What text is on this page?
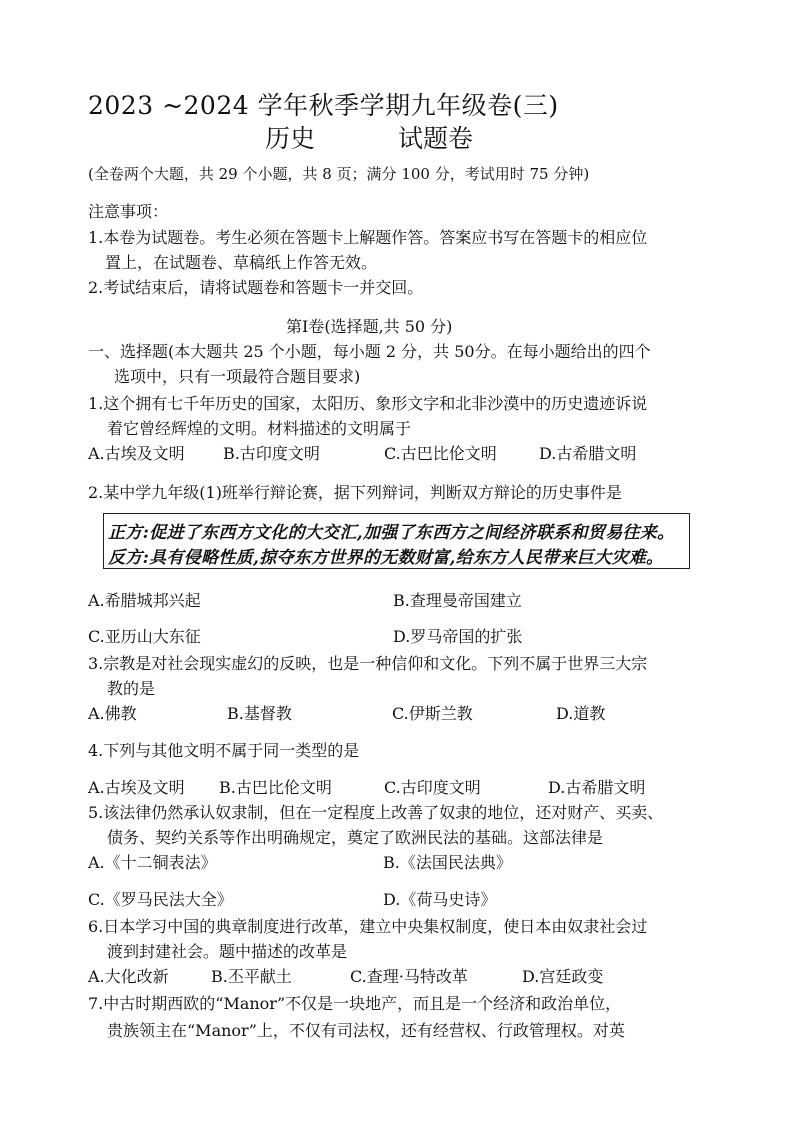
2023 ~2024 学年秋季学期九年级卷(三)
历史	试题卷
(全卷两个大题，共 29 个小题，共 8 页；满分 100 分，考试用时 75 分钟)
注意事项：
1.本卷为试题卷。考生必须在答题卡上解题作答。答案应书写在答题卡的相应位
置上，在试题卷、草稿纸上作答无效。
2.考试结束后，请将试题卷和答题卡一并交回。
第Ⅰ卷(选择题,共 50 分)
一、选择题(本大题共 25 个小题，每小题 2 分，共 50分。在每小题给出的四个
选项中，只有一项最符合题目要求)
1.这个拥有七千年历史的国家，太阳历、象形文字和北非沙漠中的历史遗迹诉说
着它曾经辉煌的文明。材料描述的文明属于
A.古埃及文明 B.古印度文明	C.古巴比伦文明	D.古希腊文明
2.某中学九年级(1)班举行辩论赛，据下列辩词，判断双方辩论的历史事件是
正方:促进了东西方文化的大交汇,加强了东西方之间经济联系和贸易往来。
反方:具有侵略性质,掠夺东方世界的无数财富,给东方人民带来巨大灾难。
A.希腊城邦兴起	B.查理曼帝国建立
C.亚历山大东征	D.罗马帝国的扩张
3.宗教是对社会现实虚幻的反映，也是一种信仰和文化。下列不属于世界三大宗
教的是
A.佛教	B.基督教	C.伊斯兰教	D.道教
4.下列与其他文明不属于同一类型的是
A.古埃及文明 B.古巴比伦文明	C.古印度文明	D.古希腊文明
5.该法律仍然承认奴隶制，但在一定程度上改善了奴隶的地位，还对财产、买卖、
债务、契约关系等作出明确规定，奠定了欧洲民法的基础。这部法律是
A.《十二铜表法》	B.《法国民法典》
C.《罗马民法大全》	D.《荷马史诗》
6.日本学习中国的典章制度进行改革，建立中央集权制度，使日本由奴隶社会过
渡到封建社会。题中描述的改革是
A.大化改新	B.丕平献土	C.查理·马特改革	D.宫廷政变
7.中古时期西欧的“Manor”不仅是一块地产，而且是一个经济和政治单位，
贵族领主在“Manor”上，不仅有司法权，还有经营权、行政管理权。对英
